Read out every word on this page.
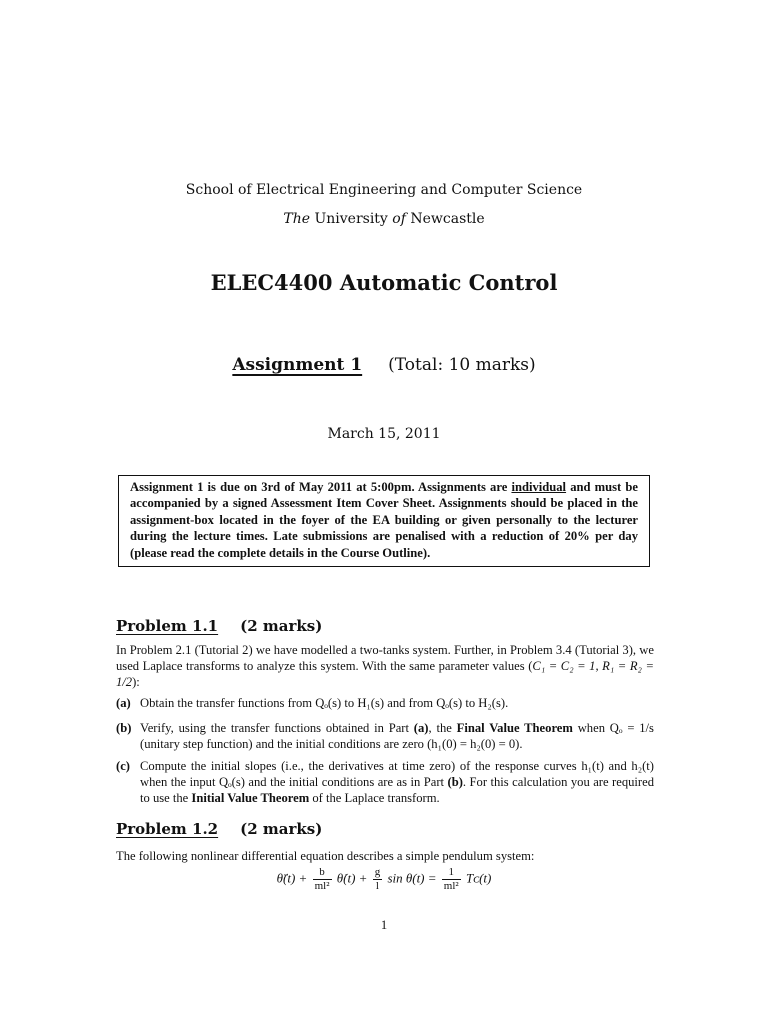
School of Electrical Engineering and Computer Science
The University of Newcastle
ELEC4400 Automatic Control
Assignment 1 (Total: 10 marks)
March 15, 2011
Assignment 1 is due on 3rd of May 2011 at 5:00pm. Assignments are individual and must be accompanied by a signed Assessment Item Cover Sheet. Assignments should be placed in the assignment-box located in the foyer of the EA building or given personally to the lecturer during the lecture times. Late submissions are penalised with a reduction of 20% per day (please read the complete details in the Course Outline).
Problem 1.1 (2 marks)
In Problem 2.1 (Tutorial 2) we have modelled a two-tanks system. Further, in Problem 3.4 (Tutorial 3), we used Laplace transforms to analyze this system. With the same parameter values (C₁ = C₂ = 1, R₁ = R₂ = 1/2):
(a) Obtain the transfer functions from Qₒ(s) to H₁(s) and from Qₒ(s) to H₂(s).
(b) Verify, using the transfer functions obtained in Part (a), the Final Value Theorem when Qₒ = 1/s (unitary step function) and the initial conditions are zero (h₁(0) = h₂(0) = 0).
(c) Compute the initial slopes (i.e., the derivatives at time zero) of the response curves h₁(t) and h₂(t) when the input Qₒ(s) and the initial conditions are as in Part (b). For this calculation you are required to use the Initial Value Theorem of the Laplace transform.
Problem 1.2 (2 marks)
The following nonlinear differential equation describes a simple pendulum system:
θ̈(t) + $\frac{b}{\text{ml²}}$ θ̇(t) + $\frac{g}{l}$ $\sin \theta(t) = \frac{1}{\text{ml²}}$ Tᴄ(t)
1
